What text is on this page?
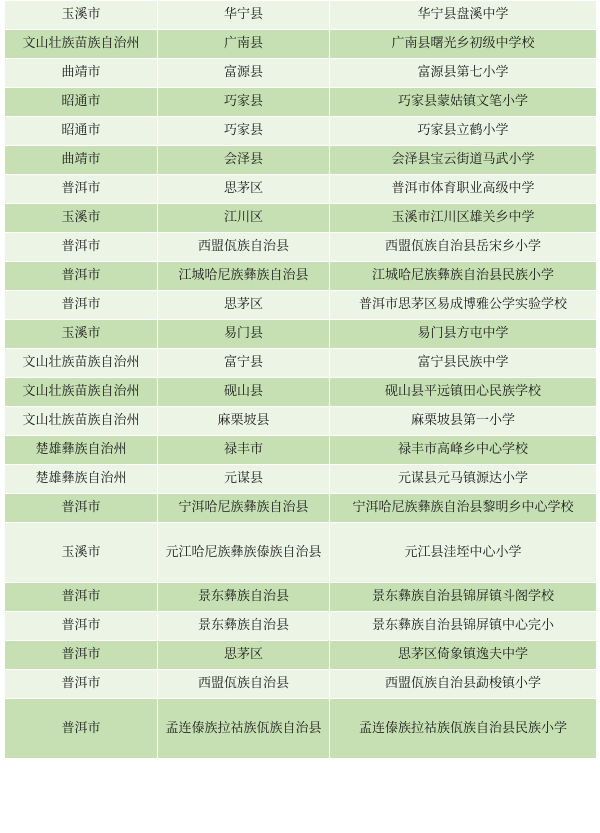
玉溪市	华宁县	华宁县盘溪中学
文山壮族苗族自治州	广南县	广南县曙光乡初级中学校
曲靖市	富源县	富源县第七小学
昭通市	巧家县	巧家县蒙姑镇文笔小学
昭通市	巧家县	巧家县立鹤小学
曲靖市	会泽县	会泽县宝云街道马武小学
普洱市	思茅区	普洱市体育职业高级中学
玉溪市	江川区	玉溪市江川区雄关乡中学
普洱市	西盟佤族自治县	西盟佤族自治县岳宋乡小学
普洱市	江城哈尼族彝族自治县	江城哈尼族彝族自治县民族小学
普洱市	思茅区	普洱市思茅区易成博雅公学实验学校
玉溪市	易门县	易门县方屯中学
文山壮族苗族自治州	富宁县	富宁县民族中学
文山壮族苗族自治州	砚山县	砚山县平远镇田心民族学校
文山壮族苗族自治州	麻栗坡县	麻栗坡县第一小学
楚雄彝族自治州	禄丰市	禄丰市高峰乡中心学校
楚雄彝族自治州	元谋县	元谋县元马镇源达小学
普洱市	宁洱哈尼族彝族自治县	宁洱哈尼族彝族自治县黎明乡中心学校
玉溪市	元江哈尼族彝族傣族自治县	元江县洼垤中心小学
普洱市	景东彝族自治县	景东彝族自治县锦屏镇斗阁学校
普洱市	景东彝族自治县	景东彝族自治县锦屏镇中心完小
普洱市	思茅区	思茅区倚象镇逸夫中学
普洱市	西盟佤族自治县	西盟佤族自治县勐梭镇小学
普洱市	孟连傣族拉祜族佤族自治县	孟连傣族拉祜族佤族自治县民族小学
